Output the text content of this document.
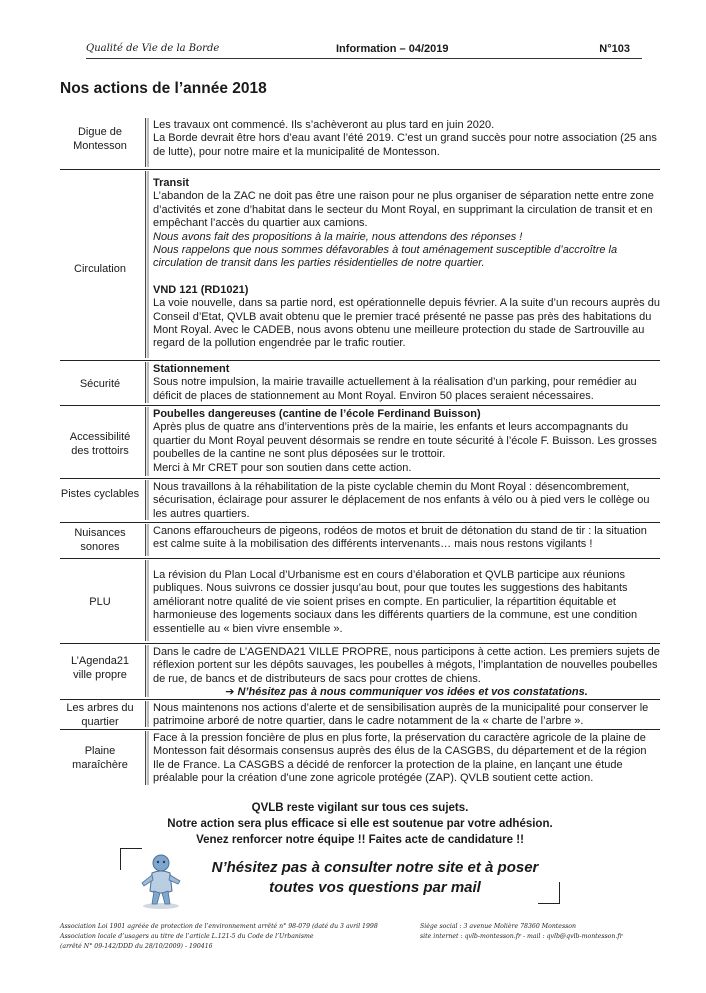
Qualité de Vie de la Borde	Information – 04/2019	N°103
Nos actions de l’année 2018
Digue de Montesson

Les travaux ont commencé. Ils s’achèveront au plus tard en juin 2020.

La Borde devrait être hors d’eau avant l’été 2019. C’est un grand succès pour notre association (25 ans de lutte), pour notre maire et la municipalité de Montesson.

Circulation

Transit

L’abandon de la ZAC ne doit pas être une raison pour ne plus organiser de séparation nette entre zone d’activités et zone d’habitat dans le secteur du Mont Royal, en supprimant la circulation de transit et en empêchant l’accès du quartier aux camions.

Nous avons fait des propositions à la mairie, nous attendons des réponses !

Nous rappelons que nous sommes défavorables à tout aménagement susceptible d’accroître la circulation de transit dans les parties résidentielles de notre quartier.

VND 121 (RD1021)

La voie nouvelle, dans sa partie nord, est opérationnelle depuis février. A la suite d’un recours auprès du Conseil d’Etat, QVLB avait obtenu que le premier tracé présenté ne passe pas près des habitations du Mont Royal. Avec le CADEB, nous avons obtenu une meilleure protection du stade de Sartrouville au regard de la pollution engendrée par le trafic routier.

Sécurité

Stationnement

Sous notre impulsion, la mairie travaille actuellement à la réalisation d’un parking, pour remédier au déficit de places de stationnement au Mont Royal. Environ 50 places seraient nécessaires.

Accessibilité des trottoirs

Poubelles dangereuses (cantine de l’école Ferdinand Buisson)

Après plus de quatre ans d’interventions près de la mairie, les enfants et leurs accompagnants du quartier du Mont Royal peuvent désormais se rendre en toute sécurité à l’école F. Buisson. Les grosses poubelles de la cantine ne sont plus déposées sur le trottoir.

Merci à Mr CRET pour son soutien dans cette action.

Pistes cyclables

Nous travaillons à la réhabilitation de la piste cyclable chemin du Mont Royal : désencombrement, sécurisation, éclairage pour assurer le déplacement de nos enfants à vélo ou à pied vers le collège ou les autres quartiers.

Nuisances sonores

Canons effaroucheurs de pigeons, rodéos de motos et bruit de détonation du stand de tir : la situation est calme suite à la mobilisation des différents intervenants… mais nous restons vigilants !

PLU

La révision du Plan Local d’Urbanisme est en cours d’élaboration et QVLB participe aux réunions publiques. Nous suivrons ce dossier jusqu’au bout, pour que toutes les suggestions des habitants améliorant notre qualité de vie soient prises en compte. En particulier, la répartition équitable et harmonieuse des logements sociaux dans les différents quartiers de la commune, est une condition essentielle au « bien vivre ensemble ».

L’Agenda21 ville propre

Dans le cadre de L’AGENDA21 VILLE PROPRE, nous participons à cette action. Les premiers sujets de réflexion portent sur les dépôts sauvages, les poubelles à mégots, l’implantation de nouvelles poubelles de rue, de bancs et de distributeurs de sacs pour crottes de chiens.

➔ N’hésitez pas à nous communiquer vos idées et vos constatations.

Les arbres du quartier

Nous maintenons nos actions d’alerte et de sensibilisation auprès de la municipalité pour conserver le patrimoine arboré de notre quartier, dans le cadre notamment de la « charte de l’arbre ».

Plaine maraîchère

Face à la pression foncière de plus en plus forte, la préservation du caractère agricole de la plaine de Montesson fait désormais consensus auprès des élus de la CASGBS, du département et de la région Ile de France. La CASGBS a décidé de renforcer la protection de la plaine, en lançant une étude préalable pour la création d’une zone agricole protégée (ZAP). QVLB soutient cette action.

QVLB reste vigilant sur tous ces sujets.
Notre action sera plus efficace si elle est soutenue par votre adhésion.
Venez renforcer notre équipe !! Faites acte de candidature !!
N’hésitez pas à consulter notre site et à poser
toutes vos questions par mail
Association Loi 1901 agréée de protection de l’environnement arrêté n° 98-079 (daté du 3 avril 1998
Association locale d’usagers au titre de l’article L.121-5 du Code de l’Urbanisme
(arrêté N° 09-142/DDD du 28/10/2009) - 190416
Siège social : 3 avenue Molière 78360 Montesson
site internet : qvlb-montesson.fr - mail : qvlb@qvlb-montesson.fr
